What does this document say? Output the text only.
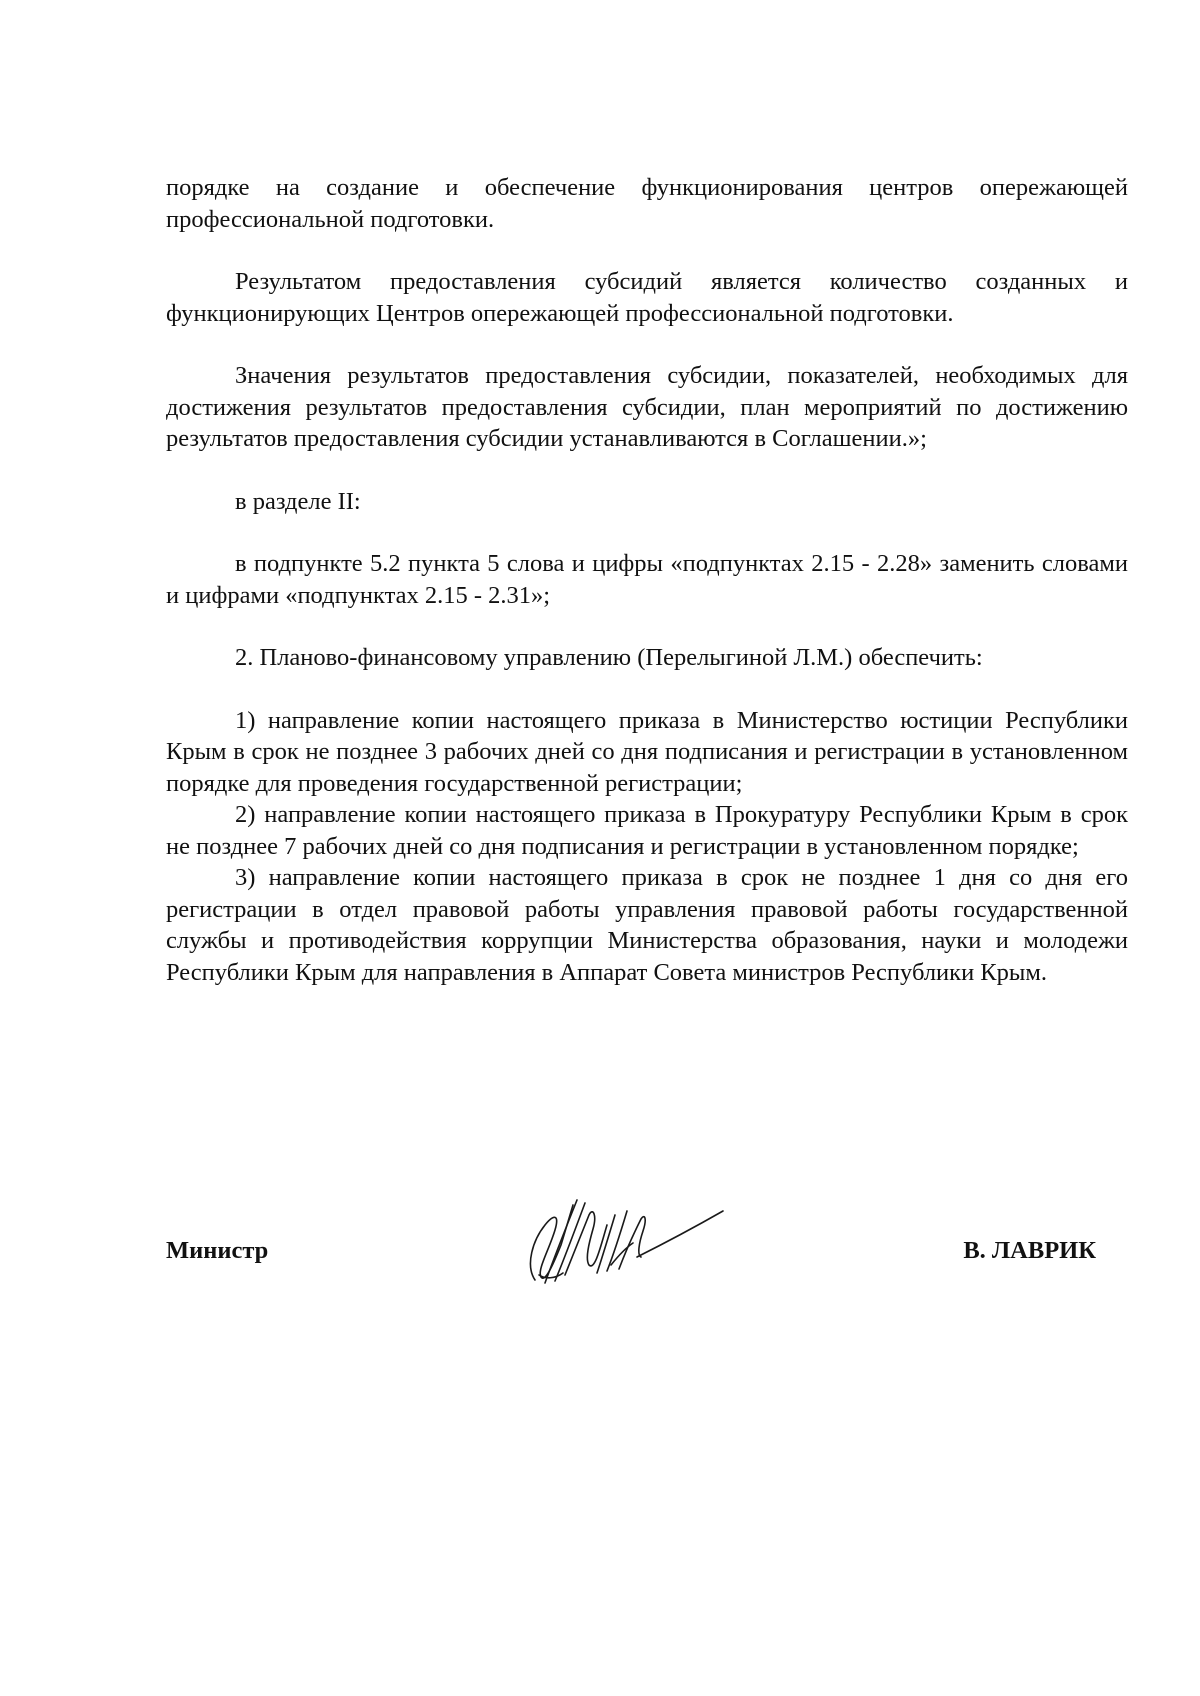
порядке на создание и обеспечение функционирования центров опережающей профессиональной подготовки.

Результатом предоставления субсидий является количество созданных и функционирующих Центров опережающей профессиональной подготовки.

Значения результатов предоставления субсидии, показателей, необходимых для достижения результатов предоставления субсидии, план мероприятий по достижению результатов предоставления субсидии устанавливаются в Соглашении.»;

в разделе II:

в подпункте 5.2 пункта 5 слова и цифры «подпунктах 2.15 - 2.28» заменить словами и цифрами «подпунктах 2.15 - 2.31»;

2. Планово-финансовому управлению (Перелыгиной Л.М.) обеспечить:

1) направление копии настоящего приказа в Министерство юстиции Республики Крым в срок не позднее 3 рабочих дней со дня подписания и регистрации в установленном порядке для проведения государственной регистрации;

2) направление копии настоящего приказа в Прокуратуру Республики Крым в срок не позднее 7 рабочих дней со дня подписания и регистрации в установленном порядке;

3) направление копии настоящего приказа в срок не позднее 1 дня со дня его регистрации в отдел правовой работы управления правовой работы государственной службы и противодействия коррупции Министерства образования, науки и молодежи Республики Крым для направления в Аппарат Совета министров Республики Крым.

Министр	В. ЛАВРИК
